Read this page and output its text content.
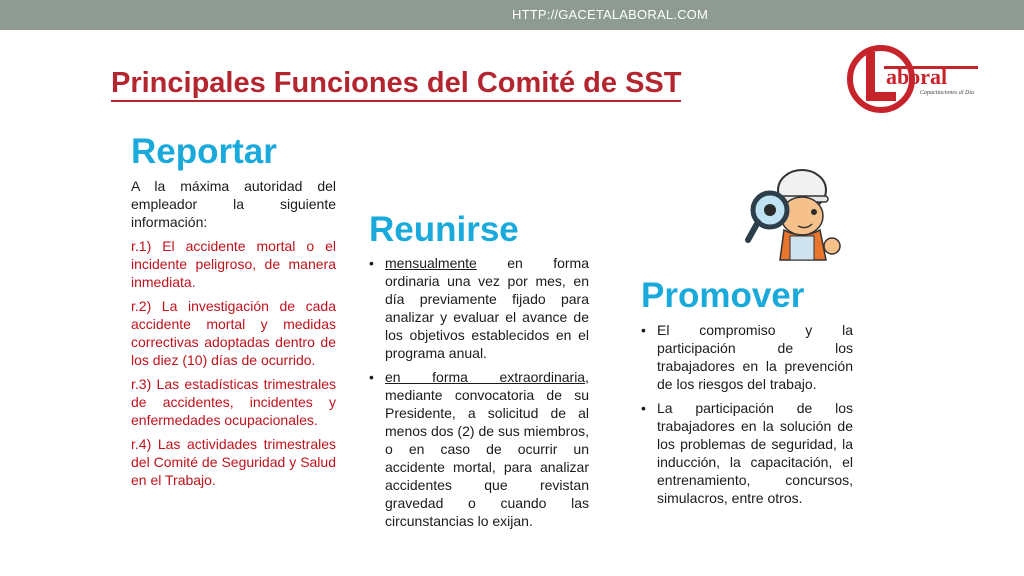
HTTP://GACETALABORAL.COM
Principales Funciones del Comité de SST	aboral
Capacitaciones al Día
Reportar

A la máxima autoridad del empleador la siguiente información:

r.1) El accidente mortal o el incidente peligroso, de manera inmediata.

r.2) La investigación de cada accidente mortal y medidas correctivas adoptadas dentro de los diez (10) días de ocurrido.

r.3) Las estadísticas trimestrales de accidentes, incidentes y enfermedades ocupacionales.

r.4) Las actividades trimestrales del Comité de Seguridad y Salud en el Trabajo.

Reunirse
• mensualmente en forma ordinaria una vez por mes, en día previamente fijado para analizar y evaluar el avance de los objetivos establecidos en el programa anual.
• en forma extraordinaria, mediante convocatoria de su Presidente, a solicitud de al menos dos (2) de sus miembros, o en caso de ocurrir un accidente mortal, para analizar accidentes que revistan gravedad o cuando las circunstancias lo exijan.
Promover
• El compromiso y la participación de los trabajadores en la prevención de los riesgos del trabajo.
• La participación de los trabajadores en la solución de los problemas de seguridad, la inducción, la capacitación, el entrenamiento, concursos, simulacros, entre otros.
